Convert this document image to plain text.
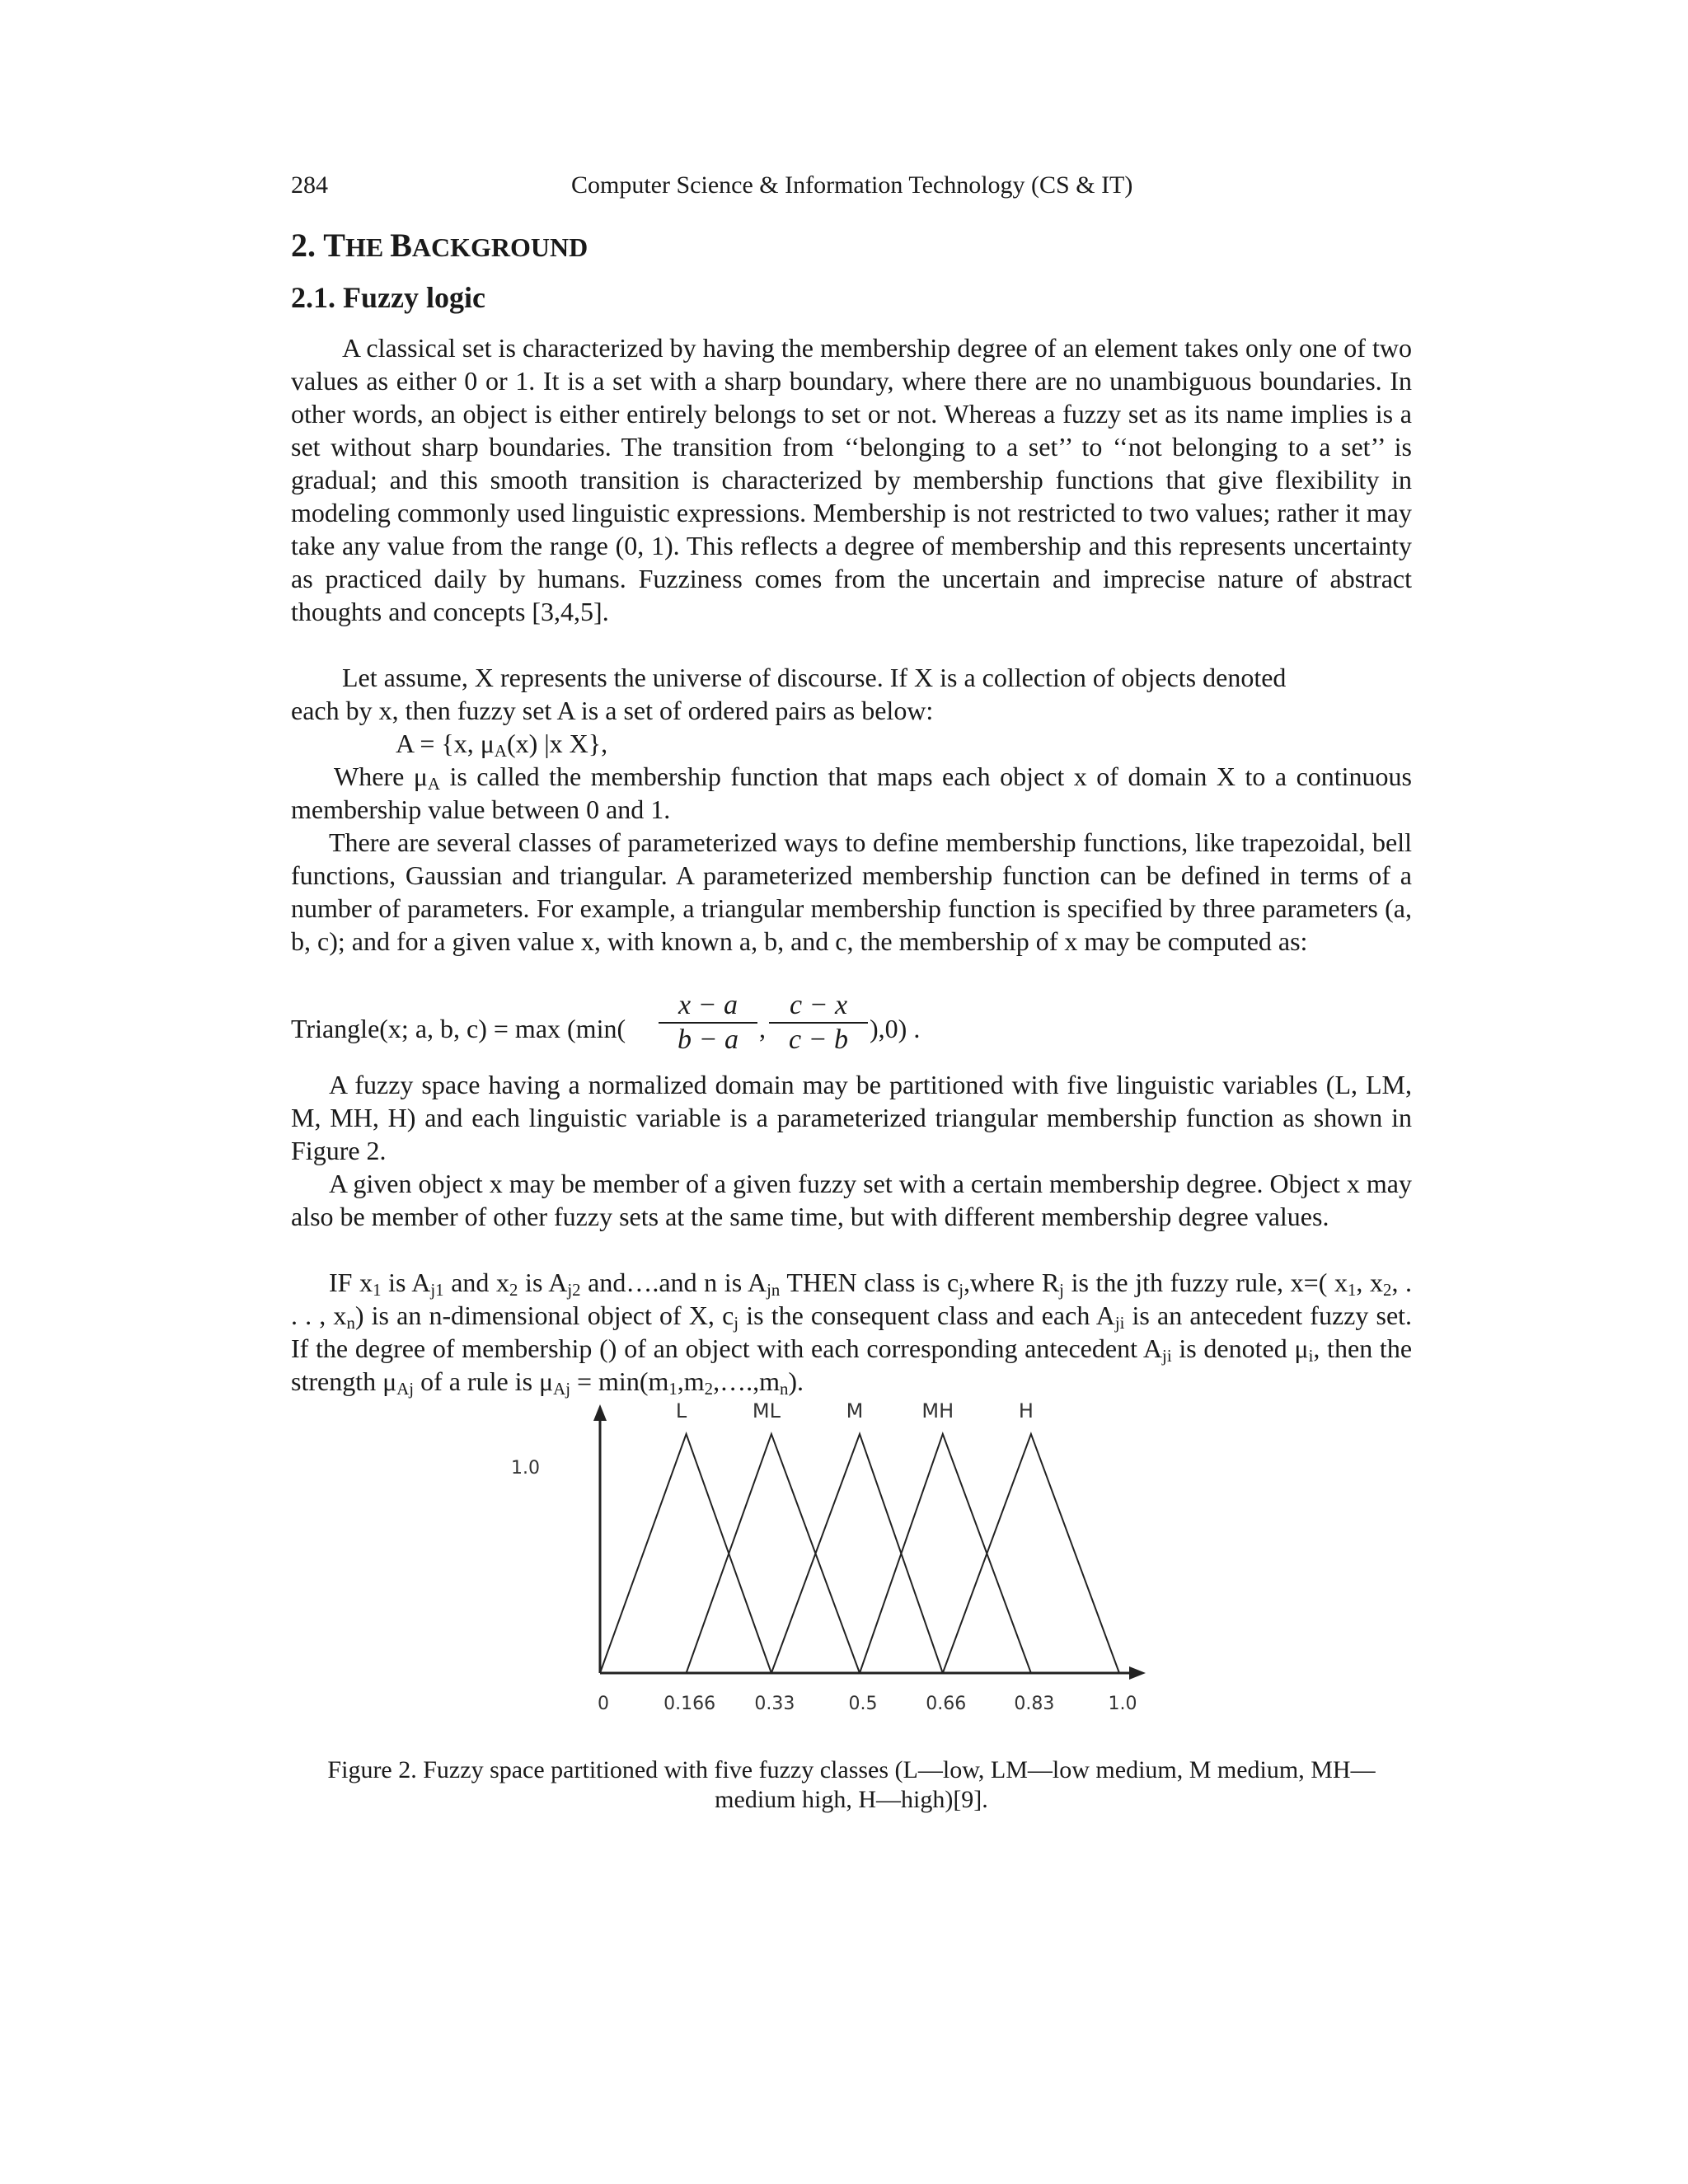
284	Computer Science & Information Technology (CS & IT)
2. THE BACKGROUND
2.1. Fuzzy logic

A classical set is characterized by having the membership degree of an element takes only one of two values as either 0 or 1. It is a set with a sharp boundary, where there are no unambiguous boundaries. In other words, an object is either entirely belongs to set or not. Whereas a fuzzy set as its name implies is a set without sharp boundaries. The transition from ‘‘belonging to a set’’ to ‘‘not belonging to a set’’ is gradual; and this smooth transition is characterized by membership functions that give flexibility in modeling commonly used linguistic expressions. Membership is not restricted to two values; rather it may take any value from the range (0, 1). This reflects a degree of membership and this represents uncertainty as practiced daily by humans. Fuzziness comes from the uncertain and imprecise nature of abstract thoughts and concepts [3,4,5].

Let assume, X represents the universe of discourse. If X is a collection of objects denoted
each by x, then fuzzy set A is a set of ordered pairs as below:
A = {x, $\mu_A(x)$ |x X},

Where $\mu_A$ is called the membership function that maps each object x of domain X to a continuous membership value between 0 and 1.

There are several classes of parameterized ways to define membership functions, like trapezoidal, bell functions, Gaussian and triangular. A parameterized membership function can be defined in terms of a number of parameters. For example, a triangular membership function is specified by three parameters (a, b, c); and for a given value x, with known a, b, and c, the membership of x may be computed as:

Triangle(x; a, b, c) = max (min(
x − a
b − a ,
c − x
c − b ),0) .

A fuzzy space having a normalized domain may be partitioned with five linguistic variables (L, LM, M, MH, H) and each linguistic variable is a parameterized triangular membership function as shown in Figure 2.

A given object x may be member of a given fuzzy set with a certain membership degree. Object x may also be member of other fuzzy sets at the same time, but with different membership degree values.

IF $x_1$ is $A_{j1}$ and $x_2$ is $A_{j2}$ and….and n is $A_{jn}$ THEN class is $c_j,where$ $R_j$ is the jth fuzzy rule, x=( $x_1$, $x_2$, . . . , $x_n$) is an n-dimensional object of X, $c_j$ is the consequent class and each $A_{ji}$ is an antecedent fuzzy set. If the degree of membership () of an object with each corresponding antecedent $A_{ji}$ is denoted $\mu_i$, then the strength $\mu_{Aj}$ of a rule is $\mu_{Aj}$ = $\min(m_1,m_2,\dots.,m_n)$.

L	ML	M	MH	H
0	0.166 0.33	0.5	0.66	0.83	1.0
1.0

Figure 2. Fuzzy space partitioned with five fuzzy classes (L—low, LM—low medium, M medium, MH—medium high, H—high)[9].
